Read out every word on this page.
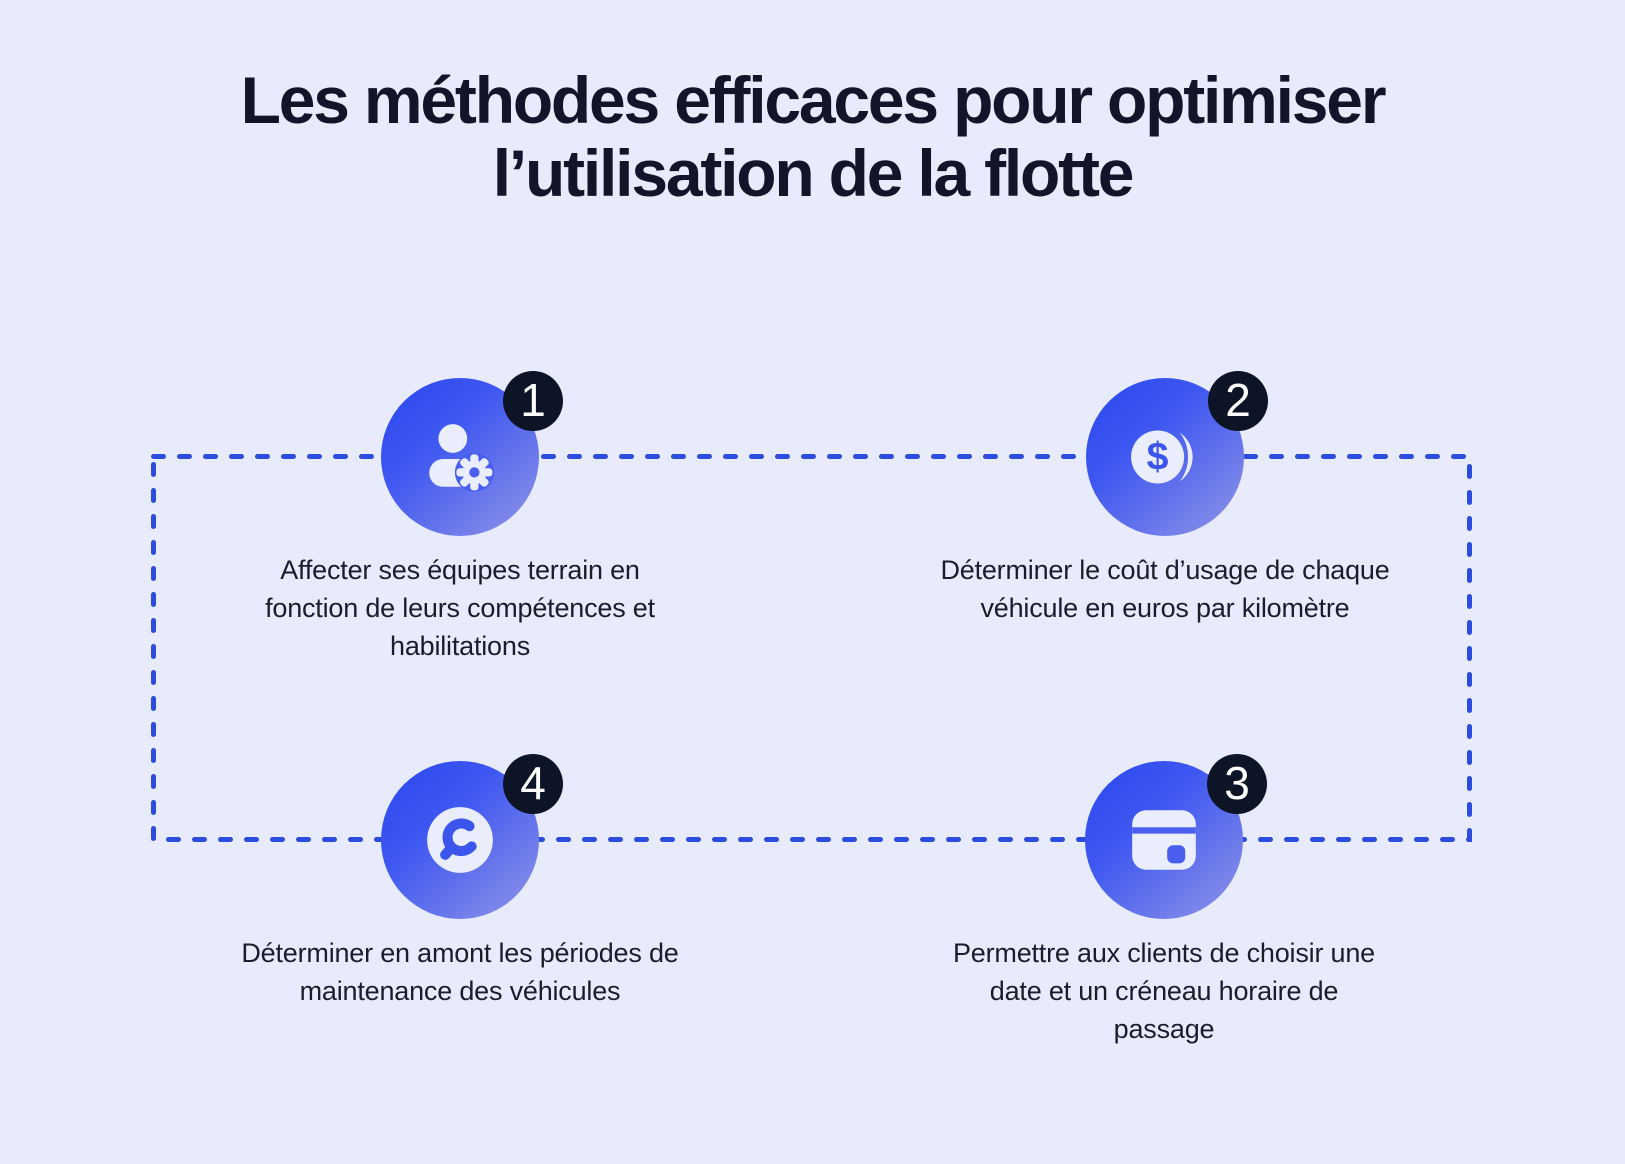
Les méthodes efficaces pour optimiser
l’utilisation de la flotte
1

Affecter ses équipes terrain en fonction de leurs compétences et habilitations

$
2

Déterminer le coût d’usage de chaque véhicule en euros par kilomètre

3

Permettre aux clients de choisir une date et un créneau horaire de passage

4

Déterminer en amont les périodes de maintenance des véhicules
